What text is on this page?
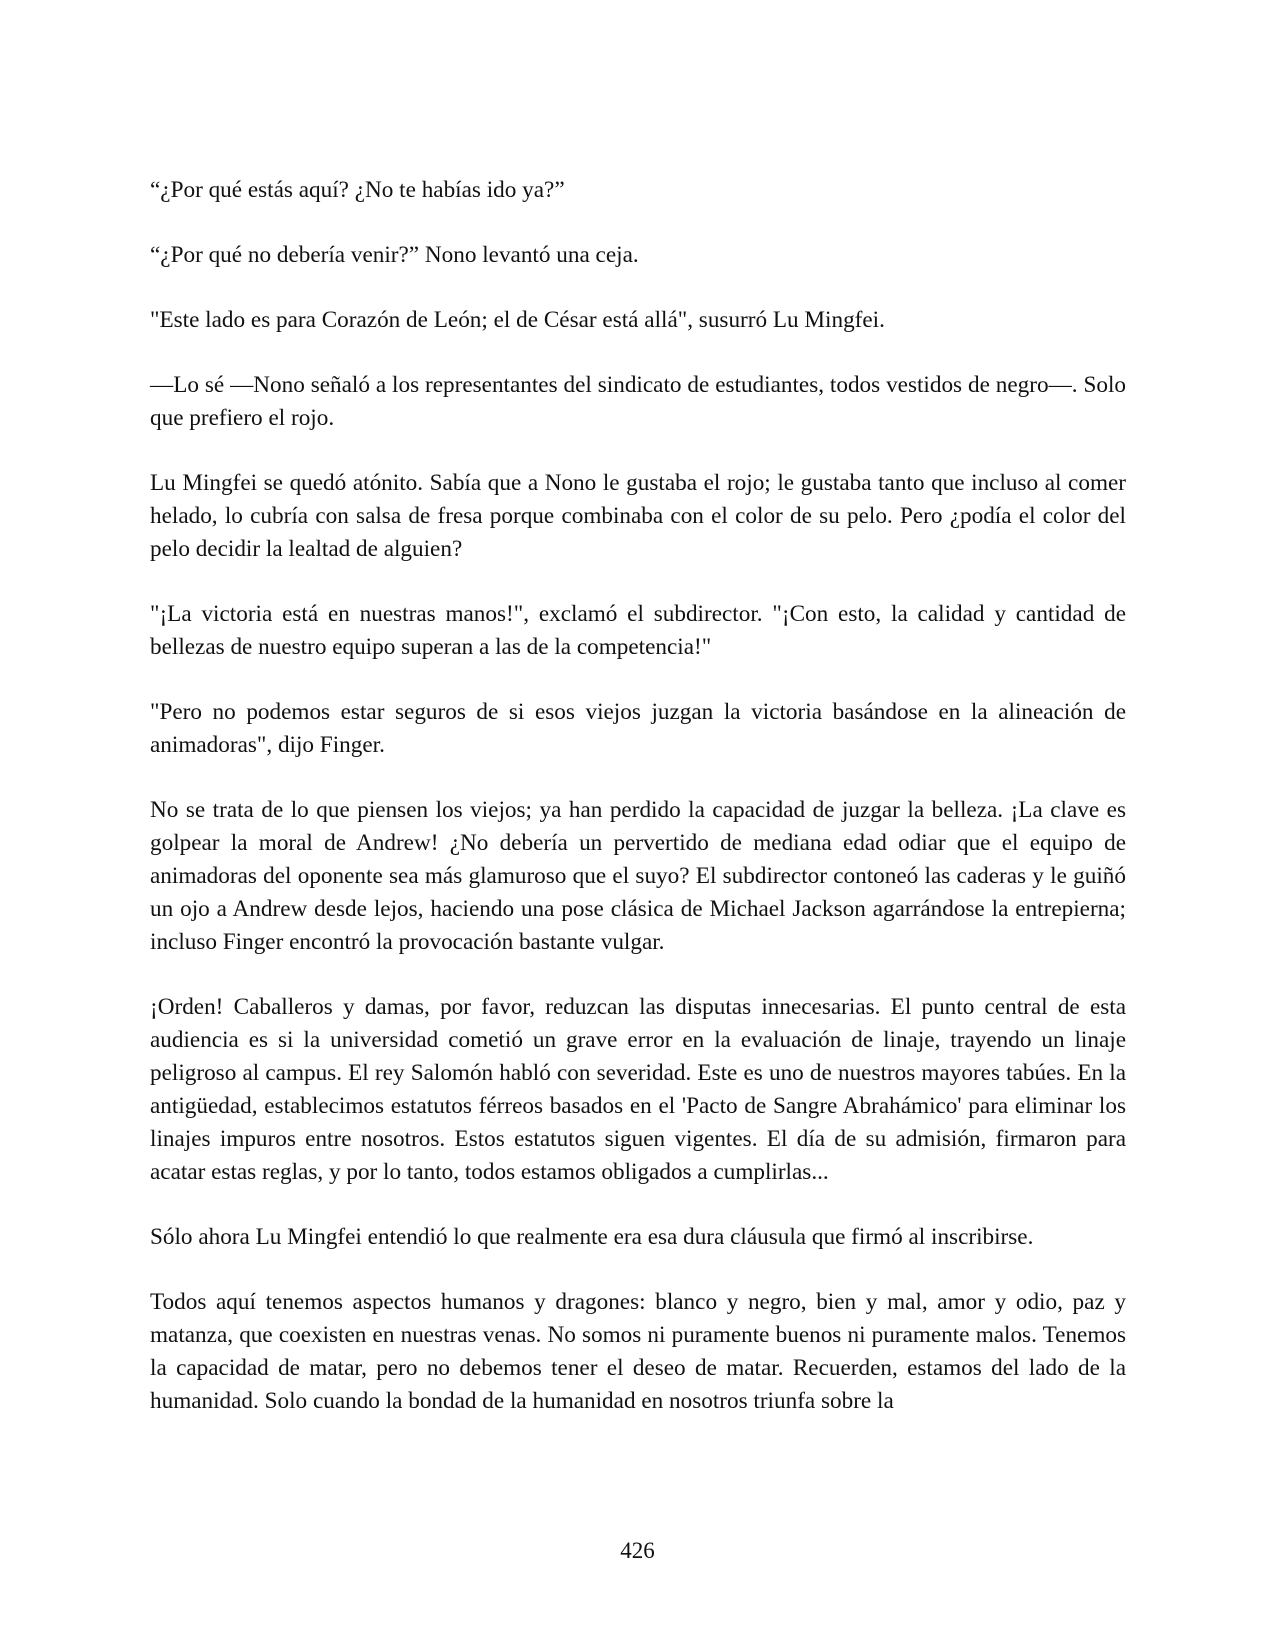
“¿Por qué estás aquí? ¿No te habías ido ya?”

“¿Por qué no debería venir?” Nono levantó una ceja.

"Este lado es para Corazón de León; el de César está allá", susurró Lu Mingfei.

—Lo sé —Nono señaló a los representantes del sindicato de estudiantes, todos vestidos de negro—. Solo que prefiero el rojo.

Lu Mingfei se quedó atónito. Sabía que a Nono le gustaba el rojo; le gustaba tanto que incluso al comer helado, lo cubría con salsa de fresa porque combinaba con el color de su pelo. Pero ¿podía el color del pelo decidir la lealtad de alguien?

"¡La victoria está en nuestras manos!", exclamó el subdirector. "¡Con esto, la calidad y cantidad de bellezas de nuestro equipo superan a las de la competencia!"

"Pero no podemos estar seguros de si esos viejos juzgan la victoria basándose en la alineación de animadoras", dijo Finger.

No se trata de lo que piensen los viejos; ya han perdido la capacidad de juzgar la belleza. ¡La clave es golpear la moral de Andrew! ¿No debería un pervertido de mediana edad odiar que el equipo de animadoras del oponente sea más glamuroso que el suyo? El subdirector contoneó las caderas y le guiñó un ojo a Andrew desde lejos, haciendo una pose clásica de Michael Jackson agarrándose la entrepierna; incluso Finger encontró la provocación bastante vulgar.

¡Orden! Caballeros y damas, por favor, reduzcan las disputas innecesarias. El punto central de esta audiencia es si la universidad cometió un grave error en la evaluación de linaje, trayendo un linaje peligroso al campus. El rey Salomón habló con severidad. Este es uno de nuestros mayores tabúes. En la antigüedad, establecimos estatutos férreos basados en el 'Pacto de Sangre Abrahámico' para eliminar los linajes impuros entre nosotros. Estos estatutos siguen vigentes. El día de su admisión, firmaron para acatar estas reglas, y por lo tanto, todos estamos obligados a cumplirlas...

Sólo ahora Lu Mingfei entendió lo que realmente era esa dura cláusula que firmó al inscribirse.

Todos aquí tenemos aspectos humanos y dragones: blanco y negro, bien y mal, amor y odio, paz y matanza, que coexisten en nuestras venas. No somos ni puramente buenos ni puramente malos. Tenemos la capacidad de matar, pero no debemos tener el deseo de matar. Recuerden, estamos del lado de la humanidad. Solo cuando la bondad de la humanidad en nosotros triunfa sobre la

426
